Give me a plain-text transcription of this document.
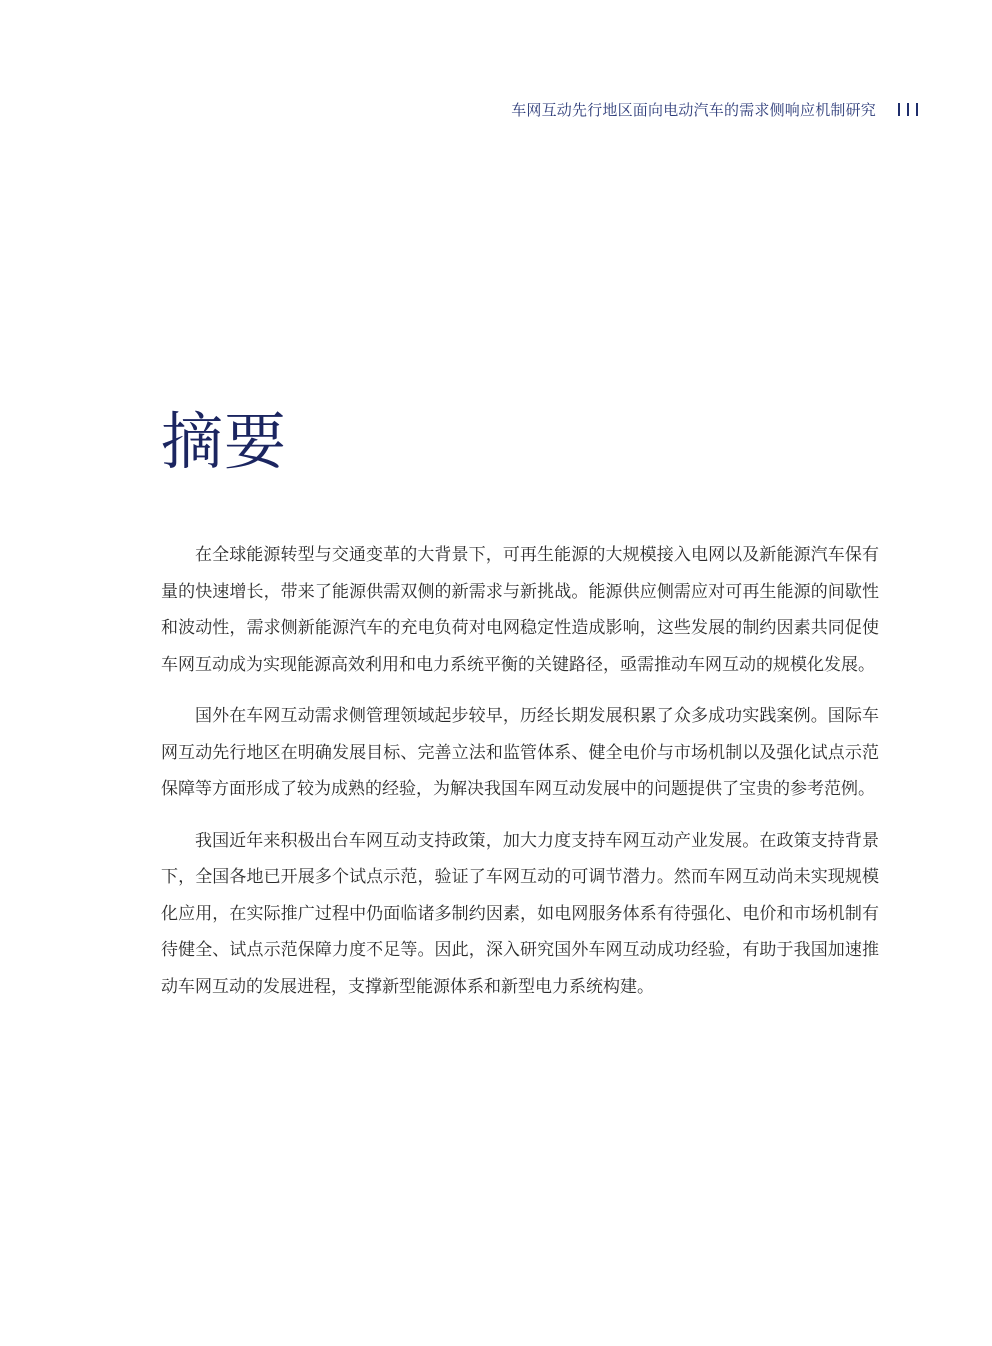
车网互动先行地区面向电动汽车的需求侧响应机制研究
摘要

在全球能源转型与交通变革的大背景下，可再生能源的大规模接入电网以及新能源汽车保有量的快速增长，带来了能源供需双侧的新需求与新挑战。能源供应侧需应对可再生能源的间歇性和波动性，需求侧新能源汽车的充电负荷对电网稳定性造成影响，这些发展的制约因素共同促使车网互动成为实现能源高效利用和电力系统平衡的关键路径，亟需推动车网互动的规模化发展。

国外在车网互动需求侧管理领域起步较早，历经长期发展积累了众多成功实践案例。国际车网互动先行地区在明确发展目标、完善立法和监管体系、健全电价与市场机制以及强化试点示范保障等方面形成了较为成熟的经验，为解决我国车网互动发展中的问题提供了宝贵的参考范例。

我国近年来积极出台车网互动支持政策，加大力度支持车网互动产业发展。在政策支持背景下，全国各地已开展多个试点示范，验证了车网互动的可调节潜力。然而车网互动尚未实现规模化应用，在实际推广过程中仍面临诸多制约因素，如电网服务体系有待强化、电价和市场机制有待健全、试点示范保障力度不足等。因此，深入研究国外车网互动成功经验，有助于我国加速推动车网互动的发展进程，支撑新型能源体系和新型电力系统构建。
